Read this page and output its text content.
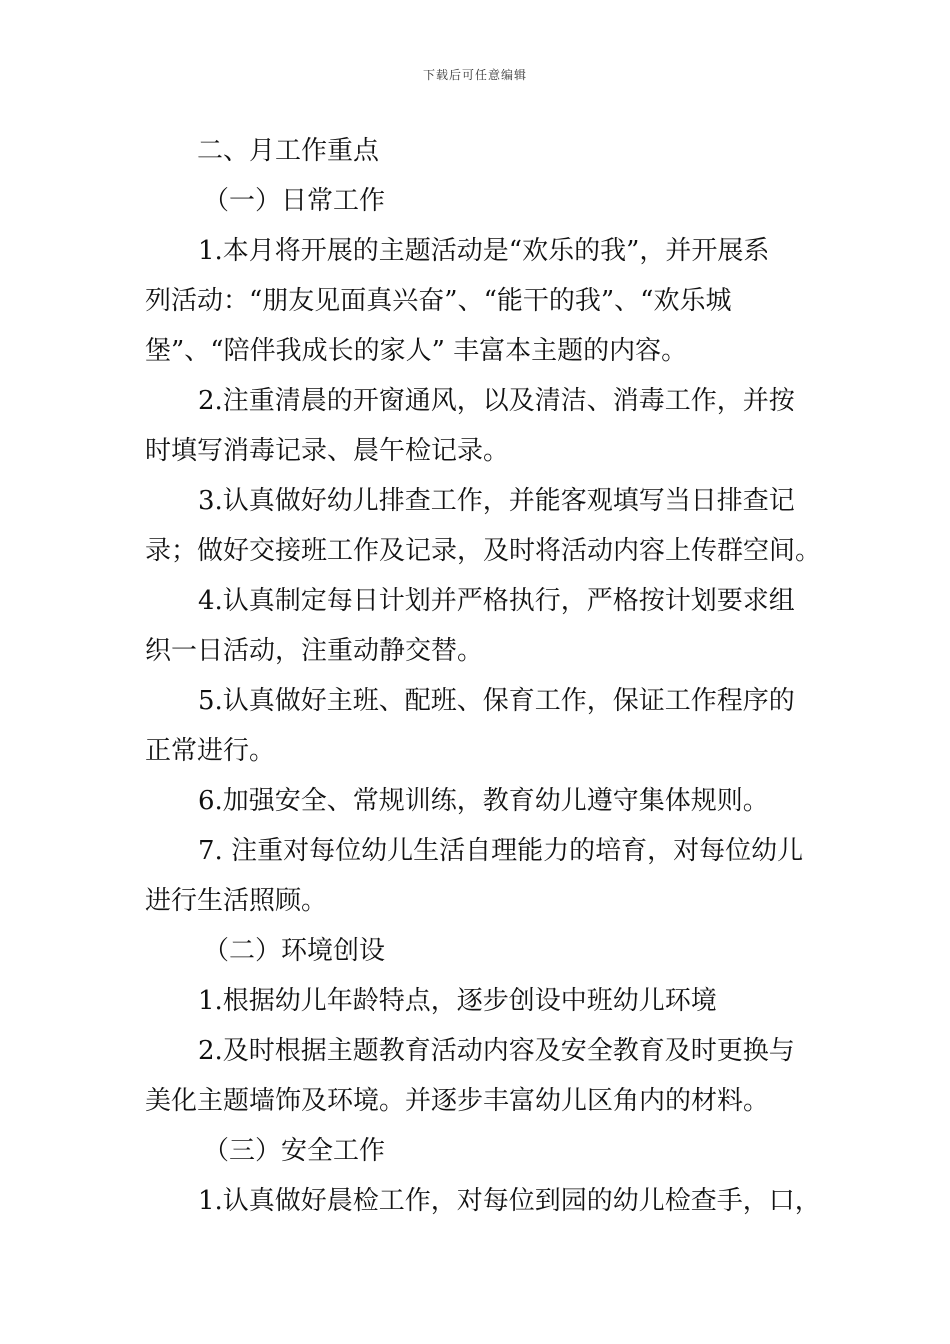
下载后可任意编辑
二、月工作重点
（一）日常工作
1.本月将开展的主题活动是“欢乐的我”，并开展系
列活动：“朋友见面真兴奋”、“能干的我”、“欢乐城
堡”、“陪伴我成长的家人” 丰富本主题的内容。
2.注重清晨的开窗通风，以及清洁、消毒工作，并按
时填写消毒记录、晨午检记录。
3.认真做好幼儿排查工作，并能客观填写当日排查记
录；做好交接班工作及记录，及时将活动内容上传群空间。
4.认真制定每日计划并严格执行，严格按计划要求组
织一日活动，注重动静交替。
5.认真做好主班、配班、保育工作，保证工作程序的
正常进行。
6.加强安全、常规训练，教育幼儿遵守集体规则。
7. 注重对每位幼儿生活自理能力的培育，对每位幼儿
进行生活照顾。
（二）环境创设
1.根据幼儿年龄特点，逐步创设中班幼儿环境
2.及时根据主题教育活动内容及安全教育及时更换与
美化主题墙饰及环境。并逐步丰富幼儿区角内的材料。
（三）安全工作
1.认真做好晨检工作，对每位到园的幼儿检查手，口，
